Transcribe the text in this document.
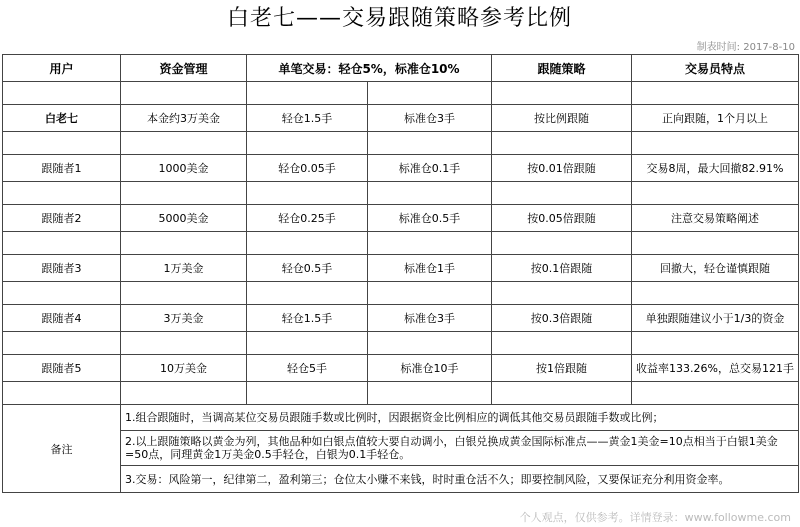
白老七——交易跟随策略参考比例
制表时间: 2017-8-10
用户	资金管理	单笔交易：轻仓5%，标准仓10%		跟随策略	交易员特点

白老七	本金约3万美金	轻仓1.5手	标准仓3手	按比例跟随	正向跟随，1个月以上

跟随者1	1000美金	轻仓0.05手	标准仓0.1手	按0.01倍跟随	交易8周，最大回撤82.91%

跟随者2	5000美金	轻仓0.25手	标准仓0.5手	按0.05倍跟随	注意交易策略阐述

跟随者3	1万美金	轻仓0.5手	标准仓1手	按0.1倍跟随	回撤大，轻仓谨慎跟随

跟随者4	3万美金	轻仓1.5手	标准仓3手	按0.3倍跟随	单独跟随建议小于1/3的资金

跟随者5	10万美金	轻仓5手	标准仓10手	按1倍跟随	收益率133.26%，总交易121手

备注	1.组合跟随时，当调高某位交易员跟随手数或比例时，因跟据资金比例相应的调低其他交易员跟随手数或比例；				
	2.以上跟随策略以黄金为列，其他品种如白银点值较大要自动调小，白银兑换成黄金国际标准点——黄金1美金=10点相当于白银1美金=50点，同理黄金1万美金0.5手轻仓，白银为0.1手轻仓。				
	3.交易：风险第一，纪律第二，盈利第三；仓位太小赚不来钱，时时重仓活不久；即要控制风险，又要保证充分利用资金率。				
个人观点，仅供参考。详情登录：www.followme.com
